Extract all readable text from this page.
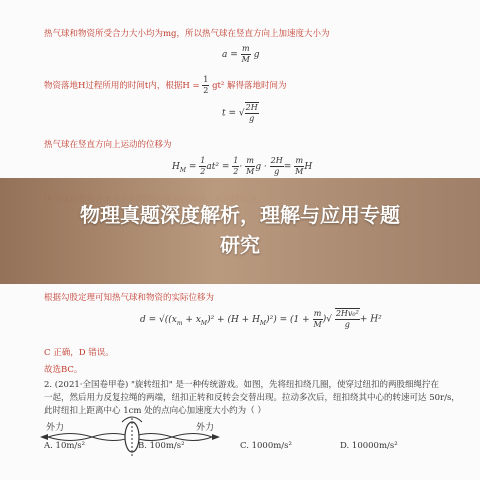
热气球和物资所受合力大小均为mg，所以热气球在竖直方向上加速度大小为
$a = \frac{m}{M}$ g
物资落地H过程所用的时间t内，根据$H = \frac{1}{2} gt^2$ 解得落地时间为
t = √ $\frac{2H}{g}$
热气球在竖直方向上运动的位移为
$H_M = \frac{1}{2} at^2 = \frac{1}{2} \cdot \frac{m}{M}$ $g \cdot \frac{2H}{g} = \frac{m}{M}$ H
根据勾股定理可知热气球和物资的实际位移为
$d = √((x_m + x_M)^2 + (H + H_M)^2) = (1 + \frac{m}{M}$ )√ $\frac{\text{2Hv₀²}}{g} + H^2$
C 正确，D 错误。
故选BC。
2. (2021·全国卷甲卷) "旋转纽扣" 是一种传统游戏。如图，先将纽扣绕几圈，使穿过纽扣的两股细绳拧在
一起，然后用力反复拉绳的两端，纽扣正转和反转会交替出现。拉动多次后，纽扣绕其中心的转速可达 50r/s，
此时纽扣上距离中心 1cm 处的点向心加速度大小约为（ ）
外力	外力
A. 10m/s²	B. 100m/s²	C. 1000m/s²	D. 10000m/s²
物理真题深度解析，理解与应用专题
研究
